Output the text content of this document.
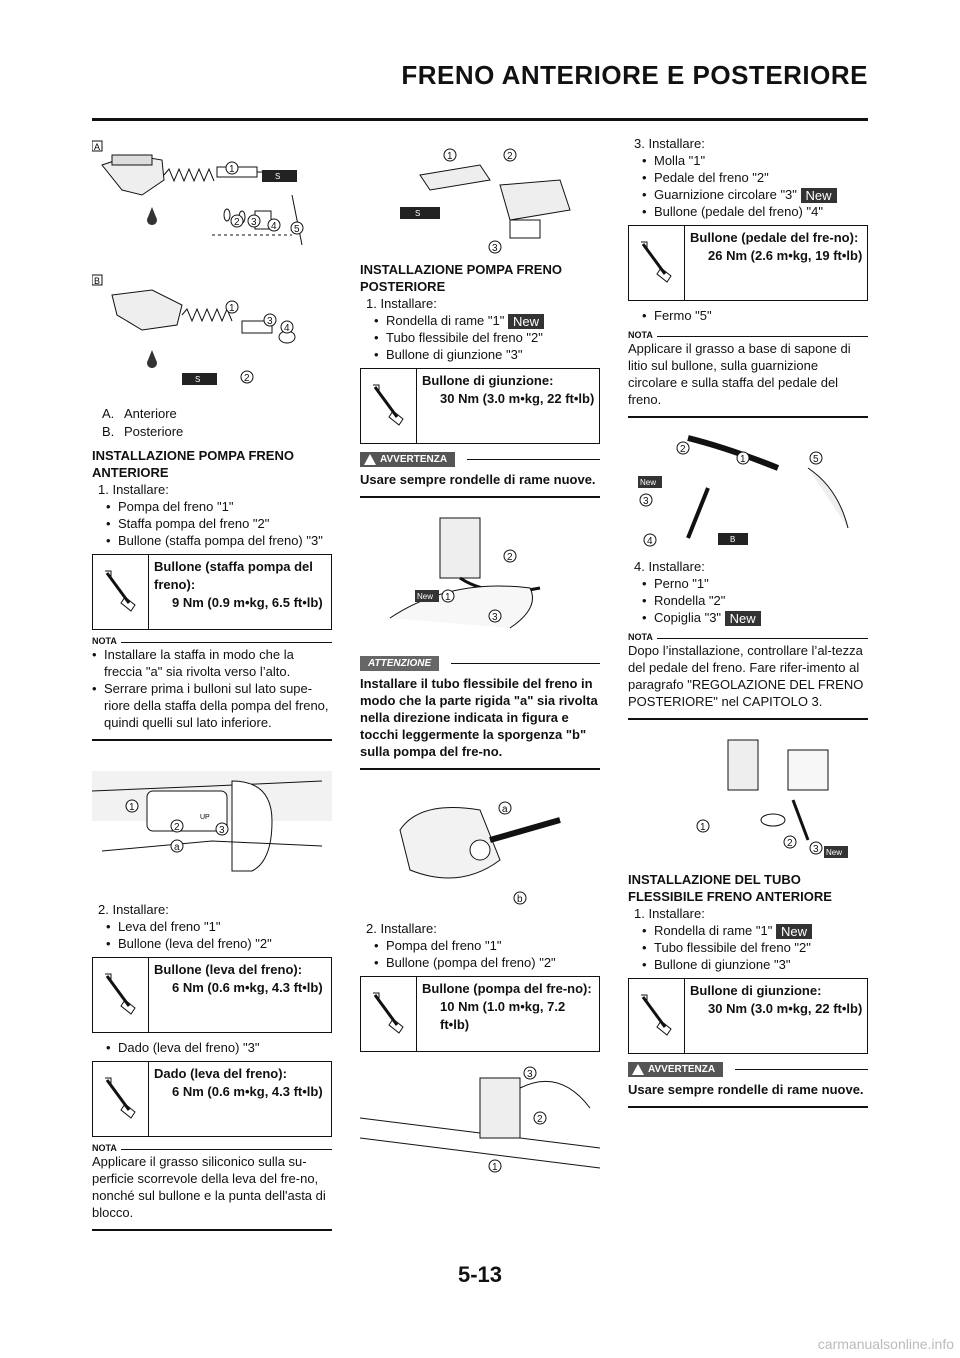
FRENO ANTERIORE E POSTERIORE
A
BF
S
1
2 3 4 5
B
BF
S
1
3
4
2
A. Anteriore
B. Posteriore
INSTALLAZIONE POMPA FRENO ANTERIORE
1. Installare:
• Pompa del freno "1"
• Staffa pompa del freno "2"
• Bullone (staffa pompa del freno) "3"
Bullone (staffa pompa del freno):
9 Nm (0.9 m•kg, 6.5 ft•lb)
NOTA
• Installare la staffa in modo che la freccia "a" sia rivolta verso l’alto.
• Serrare prima i bulloni sul lato supe-riore della staffa della pompa del freno, quindi quelli sul lato inferiore.
UP
1
2	3
a
2. Installare:
• Leva del freno "1"
• Bullone (leva del freno) "2"
Bullone (leva del freno):
6 Nm (0.6 m•kg, 4.3 ft•lb)
• Dado (leva del freno) "3"
Dado (leva del freno):
6 Nm (0.6 m•kg, 4.3 ft•lb)
NOTA
Applicare il grasso siliconico sulla su-perficie scorrevole della leva del fre-no, nonché sul bullone e la punta dell'asta di blocco.
S
1	2
3
INSTALLAZIONE POMPA FRENO POSTERIORE
1. Installare:
• Rondella di rame "1" New
• Tubo flessibile del freno "2"
• Bullone di giunzione "3"
Bullone di giunzione:
30 Nm (3.0 m•kg, 22 ft•lb)
AVVERTENZA
Usare sempre rondelle di rame nuove.
New 1
2
3
ATTENZIONE
Installare il tubo flessibile del freno in modo che la parte rigida "a" sia rivolta nella direzione indicata in figura e tocchi leggermente la sporgenza "b" sulla pompa del fre-no.
a
b
2. Installare:
• Pompa del freno "1"
• Bullone (pompa del freno) "2"
Bullone (pompa del fre-no):
10 Nm (1.0 m•kg, 7.2 ft•lb)
3
2
1
3. Installare:
• Molla "1"
• Pedale del freno "2"
• Guarnizione circolare "3" New
• Bullone (pedale del freno) "4"
Bullone (pedale del fre-no):
26 Nm (2.6 m•kg, 19 ft•lb)
• Fermo "5"
NOTA
Applicare il grasso a base di sapone di litio sul bullone, sulla guarnizione circolare e sulla staffa del pedale del freno.
New
B
2
1	5
3
4
4. Installare:
• Perno "1"
• Rondella "2"
• Copiglia "3" New
NOTA
Dopo l’installazione, controllare l’al-tezza del pedale del freno. Fare rifer-imento al paragrafo "REGOLAZIONE DEL FRENO POSTERIORE" nel CAPITOLO 3.
New
1
2
3
INSTALLAZIONE DEL TUBO FLESSIBILE FRENO ANTERIORE
1. Installare:
• Rondella di rame "1" New
• Tubo flessibile del freno "2"
• Bullone di giunzione "3"
Bullone di giunzione:
30 Nm (3.0 m•kg, 22 ft•lb)
AVVERTENZA
Usare sempre rondelle di rame nuove.
5-13
carmanualsonline.info
